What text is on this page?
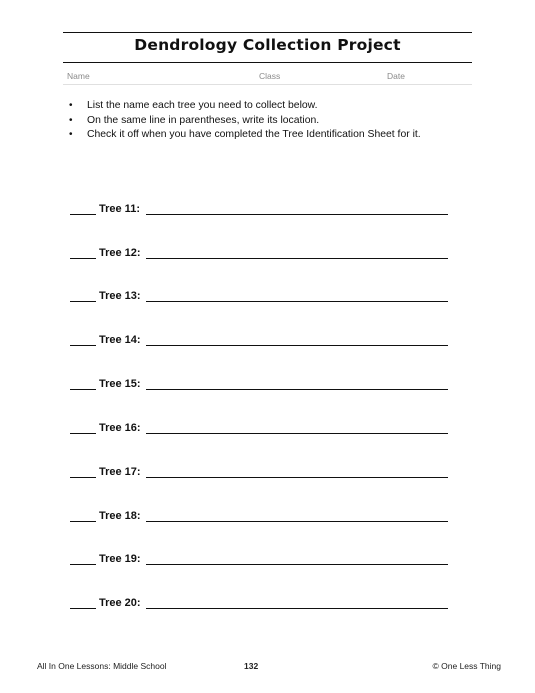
Dendrology Collection Project
Name	Class	Date
• List the name each tree you need to collect below.
• On the same line in parentheses, write its location.
• Check it off when you have completed the Tree Identification Sheet for it.
Tree 11:
Tree 12:
Tree 13:
Tree 14:
Tree 15:
Tree 16:
Tree 17:
Tree 18:
Tree 19:
Tree 20:
All In One Lessons: Middle School	132	© One Less Thing
